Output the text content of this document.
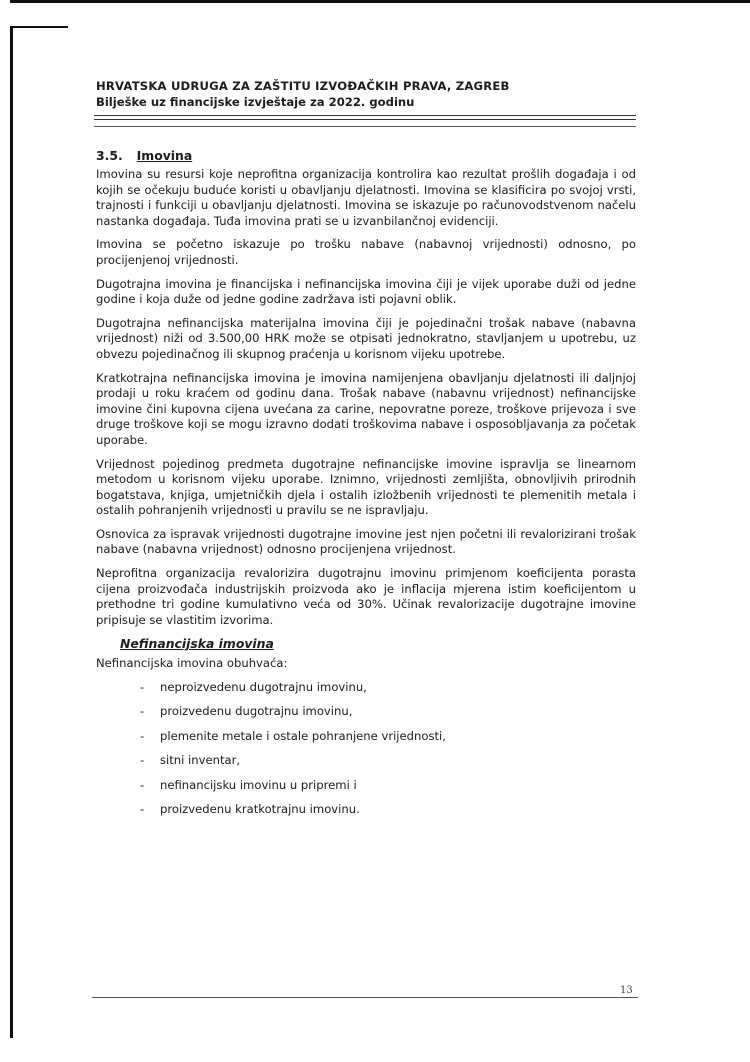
HRVATSKA UDRUGA ZA ZAŠTITU IZVOĐAČKIH PRAVA, ZAGREB
Bilješke uz financijske izvještaje za 2022. godinu
3.5. Imovina

Imovina su resursi koje neprofitna organizacija kontrolira kao rezultat prošlih događaja i od kojih se očekuju buduće koristi u obavljanju djelatnosti. Imovina se klasificira po svojoj vrsti, trajnosti i funkciji u obavljanju djelatnosti. Imovina se iskazuje po računovodstvenom načelu nastanka događaja. Tuđa imovina prati se u izvanbilančnoj evidenciji.

Imovina se početno iskazuje po trošku nabave (nabavnoj vrijednosti) odnosno, po procijenjenoj vrijednosti.

Dugotrajna imovina je financijska i nefinancijska imovina čiji je vijek uporabe duži od jedne godine i koja duže od jedne godine zadržava isti pojavni oblik.

Dugotrajna nefinancijska materijalna imovina čiji je pojedinačni trošak nabave (nabavna vrijednost) niži od 3.500,00 HRK može se otpisati jednokratno, stavljanjem u upotrebu, uz obvezu pojedinačnog ili skupnog praćenja u korisnom vijeku upotrebe.

Kratkotrajna nefinancijska imovina je imovina namijenjena obavljanju djelatnosti ili daljnjoj prodaji u roku kraćem od godinu dana. Trošak nabave (nabavnu vrijednost) nefinancijske imovine čini kupovna cijena uvećana za carine, nepovratne poreze, troškove prijevoza i sve druge troškove koji se mogu izravno dodati troškovima nabave i osposobljavanja za početak uporabe.

Vrijednost pojedinog predmeta dugotrajne nefinancijske imovine ispravlja se linearnom metodom u korisnom vijeku uporabe. Iznimno, vrijednosti zemljišta, obnovljivih prirodnih bogatstava, knjiga, umjetničkih djela i ostalih izložbenih vrijednosti te plemenitih metala i ostalih pohranjenih vrijednosti u pravilu se ne ispravljaju.

Osnovica za ispravak vrijednosti dugotrajne imovine jest njen početni ili revalorizirani trošak nabave (nabavna vrijednost) odnosno procijenjena vrijednost.

Neprofitna organizacija revalorizira dugotrajnu imovinu primjenom koeficijenta porasta cijena proizvođača industrijskih proizvoda ako je inflacija mjerena istim koeficijentom u prethodne tri godine kumulativno veća od 30%. Učinak revalorizacije dugotrajne imovine pripisuje se vlastitim izvorima.

Nefinancijska imovina
Nefinancijska imovina obuhvaća:
-	neproizvedenu dugotrajnu imovinu,
-	proizvedenu dugotrajnu imovinu,
-	plemenite metale i ostale pohranjene vrijednosti,
-	sitni inventar,
-	nefinancijsku imovinu u pripremi i
-	proizvedenu kratkotrajnu imovinu.
13
